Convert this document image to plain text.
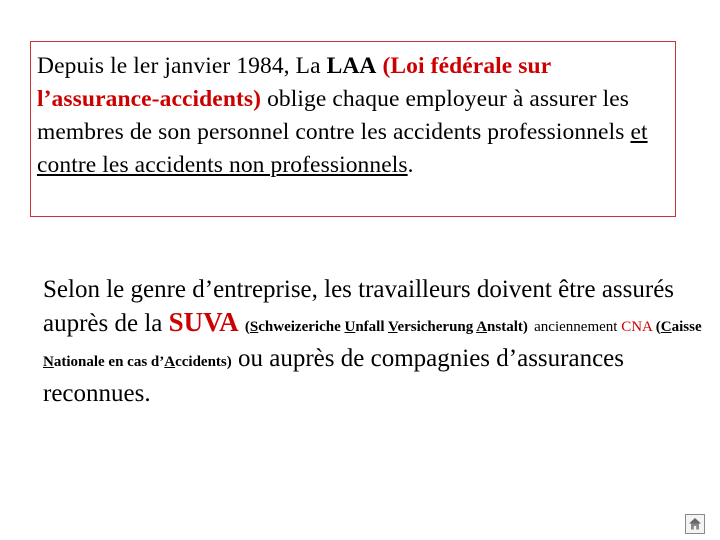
Depuis le ler janvier 1984, La LAA (Loi fédérale sur l’assurance-accidents) oblige chaque employeur à assurer les membres de son personnel contre les accidents professionnels et contre les accidents non professionnels.
Selon le genre d’entreprise, les travailleurs doivent être assurés auprès de la SUVA (Schweizeriche Unfall Versicherung Anstalt) anciennement CNA (Caisse Nationale en cas d’Accidents) ou auprès de compagnies d’assurances reconnues.
